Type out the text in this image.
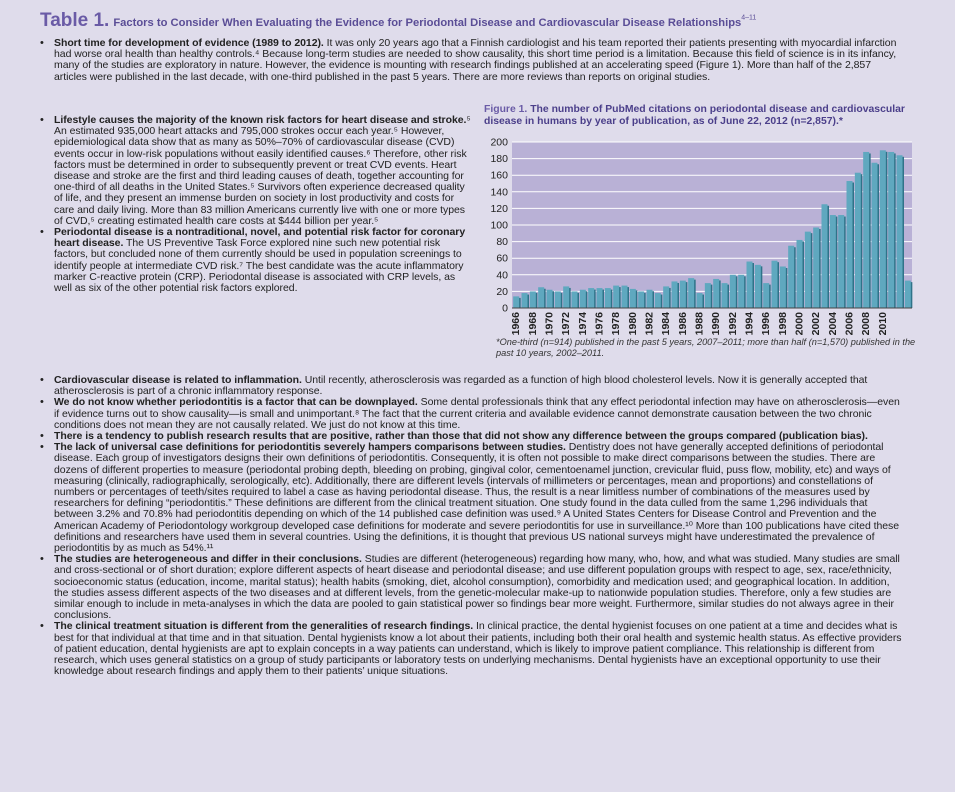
Table 1. Factors to Consider When Evaluating the Evidence for Periodontal Disease and Cardiovascular Disease Relationships$^{4-11}$

• Short time for development of evidence (1989 to 2012). It was only 20 years ago that a Finnish cardiologist and his team reported their patients presenting with myocardial infarction had worse oral health than healthy controls.⁴ Because long-term studies are needed to show causality, this short time period is a limitation. Because this field of science is in its infancy, many of the studies are exploratory in nature. However, the evidence is mounting with research findings published at an accelerating speed (Figure 1). More than half of the 2,857 articles were published in the last decade, with one-third published in the past 5 years. There are more reviews than reports on original studies.

• Lifestyle causes the majority of the known risk factors for heart disease and stroke.⁵ An estimated 935,000 heart attacks and 795,000 strokes occur each year.⁵ However, epidemiological data show that as many as 50%–70% of cardiovascular disease (CVD) events occur in low-risk populations without easily identified causes.⁶ Therefore, other risk factors must be determined in order to subsequently prevent or treat CVD events. Heart disease and stroke are the first and third leading causes of death, together accounting for one-third of all deaths in the United States.⁵ Survivors often experience decreased quality of life, and they present an immense burden on society in lost productivity and costs for care and daily living. More than 83 million Americans currently live with one or more types of CVD,⁵ creating estimated health care costs at $444 billion per year.⁵

• Periodontal disease is a nontraditional, novel, and potential risk factor for coronary heart disease. The US Preventive Task Force explored nine such new potential risk factors, but concluded none of them currently should be used in population screenings to identify people at intermediate CVD risk.⁷ The best candidate was the acute inflammatory marker C-reactive protein (CRP). Periodontal disease is associated with CRP levels, as well as six of the other potential risk factors explored.

Figure 1. The number of PubMed citations on periodontal disease and cardiovascular disease in humans by year of publication, as of June 22, 2012 (n=2,857).*
0
20
40
60
80
100
120
140
160
180
200
1966 1968 1970 1972 1974 1976 1978 1980 1982 1984 1986 1988 1990 1992 1994 1996 1998 2000 2002 2004 2006 2008 2010
*One-third (n=914) published in the past 5 years, 2007–2011; more than half (n=1,570) published in the past 10 years, 2002–2011.

• Cardiovascular disease is related to inflammation. Until recently, atherosclerosis was regarded as a function of high blood cholesterol levels. Now it is generally accepted that atherosclerosis is part of a chronic inflammatory response.

• We do not know whether periodontitis is a factor that can be downplayed. Some dental professionals think that any effect periodontal infection may have on atherosclerosis—even if evidence turns out to show causality—is small and unimportant.⁸ The fact that the current criteria and available evidence cannot demonstrate causation between the two chronic conditions does not mean they are not causally related. We just do not know at this time.

• There is a tendency to publish research results that are positive, rather than those that did not show any difference between the groups compared (publication bias).

• The lack of universal case definitions for periodontitis severely hampers comparisons between studies. Dentistry does not have generally accepted definitions of periodontal disease. Each group of investigators designs their own definitions of periodontitis. Consequently, it is often not possible to make direct comparisons between the studies. There are dozens of different properties to measure (periodontal probing depth, bleeding on probing, gingival color, cementoenamel junction, crevicular fluid, puss flow, mobility, etc) and ways of measuring (clinically, radiographically, serologically, etc). Additionally, there are different levels (intervals of millimeters or percentages, mean and proportions) and constellations of numbers or percentages of teeth/sites required to label a case as having periodontal disease. Thus, the result is a near limitless number of combinations of the measures used by researchers for defining “periodontitis.” These definitions are different from the clinical treatment situation. One study found in the data culled from the same 1,296 individuals that between 3.2% and 70.8% had periodontitis depending on which of the 14 published case definition was used.⁹ A United States Centers for Disease Control and Prevention and the American Academy of Periodontology workgroup developed case definitions for moderate and severe periodontitis for use in surveillance.¹⁰ More than 100 publications have cited these definitions and researchers have used them in several countries. Using the definitions, it is thought that previous US national surveys might have underestimated the prevalence of periodontitis by as much as 54%.¹¹

• The studies are heterogeneous and differ in their conclusions. Studies are different (heterogeneous) regarding how many, who, how, and what was studied. Many studies are small and cross-sectional or of short duration; explore different aspects of heart disease and periodontal disease; and use different population groups with respect to age, sex, race/ethnicity, socioeconomic status (education, income, marital status); health habits (smoking, diet, alcohol consumption), comorbidity and medication used; and geographical location. In addition, the studies assess different aspects of the two diseases and at different levels, from the genetic-molecular make-up to nationwide population studies. Therefore, only a few studies are similar enough to include in meta-analyses in which the data are pooled to gain statistical power so findings bear more weight. Furthermore, similar studies do not always agree in their conclusions.

• The clinical treatment situation is different from the generalities of research findings. In clinical practice, the dental hygienist focuses on one patient at a time and decides what is best for that individual at that time and in that situation. Dental hygienists know a lot about their patients, including both their oral health and systemic health status. As effective providers of patient education, dental hygienists are apt to explain concepts in a way patients can understand, which is likely to improve patient compliance. This relationship is different from research, which uses general statistics on a group of study participants or laboratory tests on underlying mechanisms. Dental hygienists have an exceptional opportunity to use their knowledge about research findings and apply them to their patients’ unique situations.
